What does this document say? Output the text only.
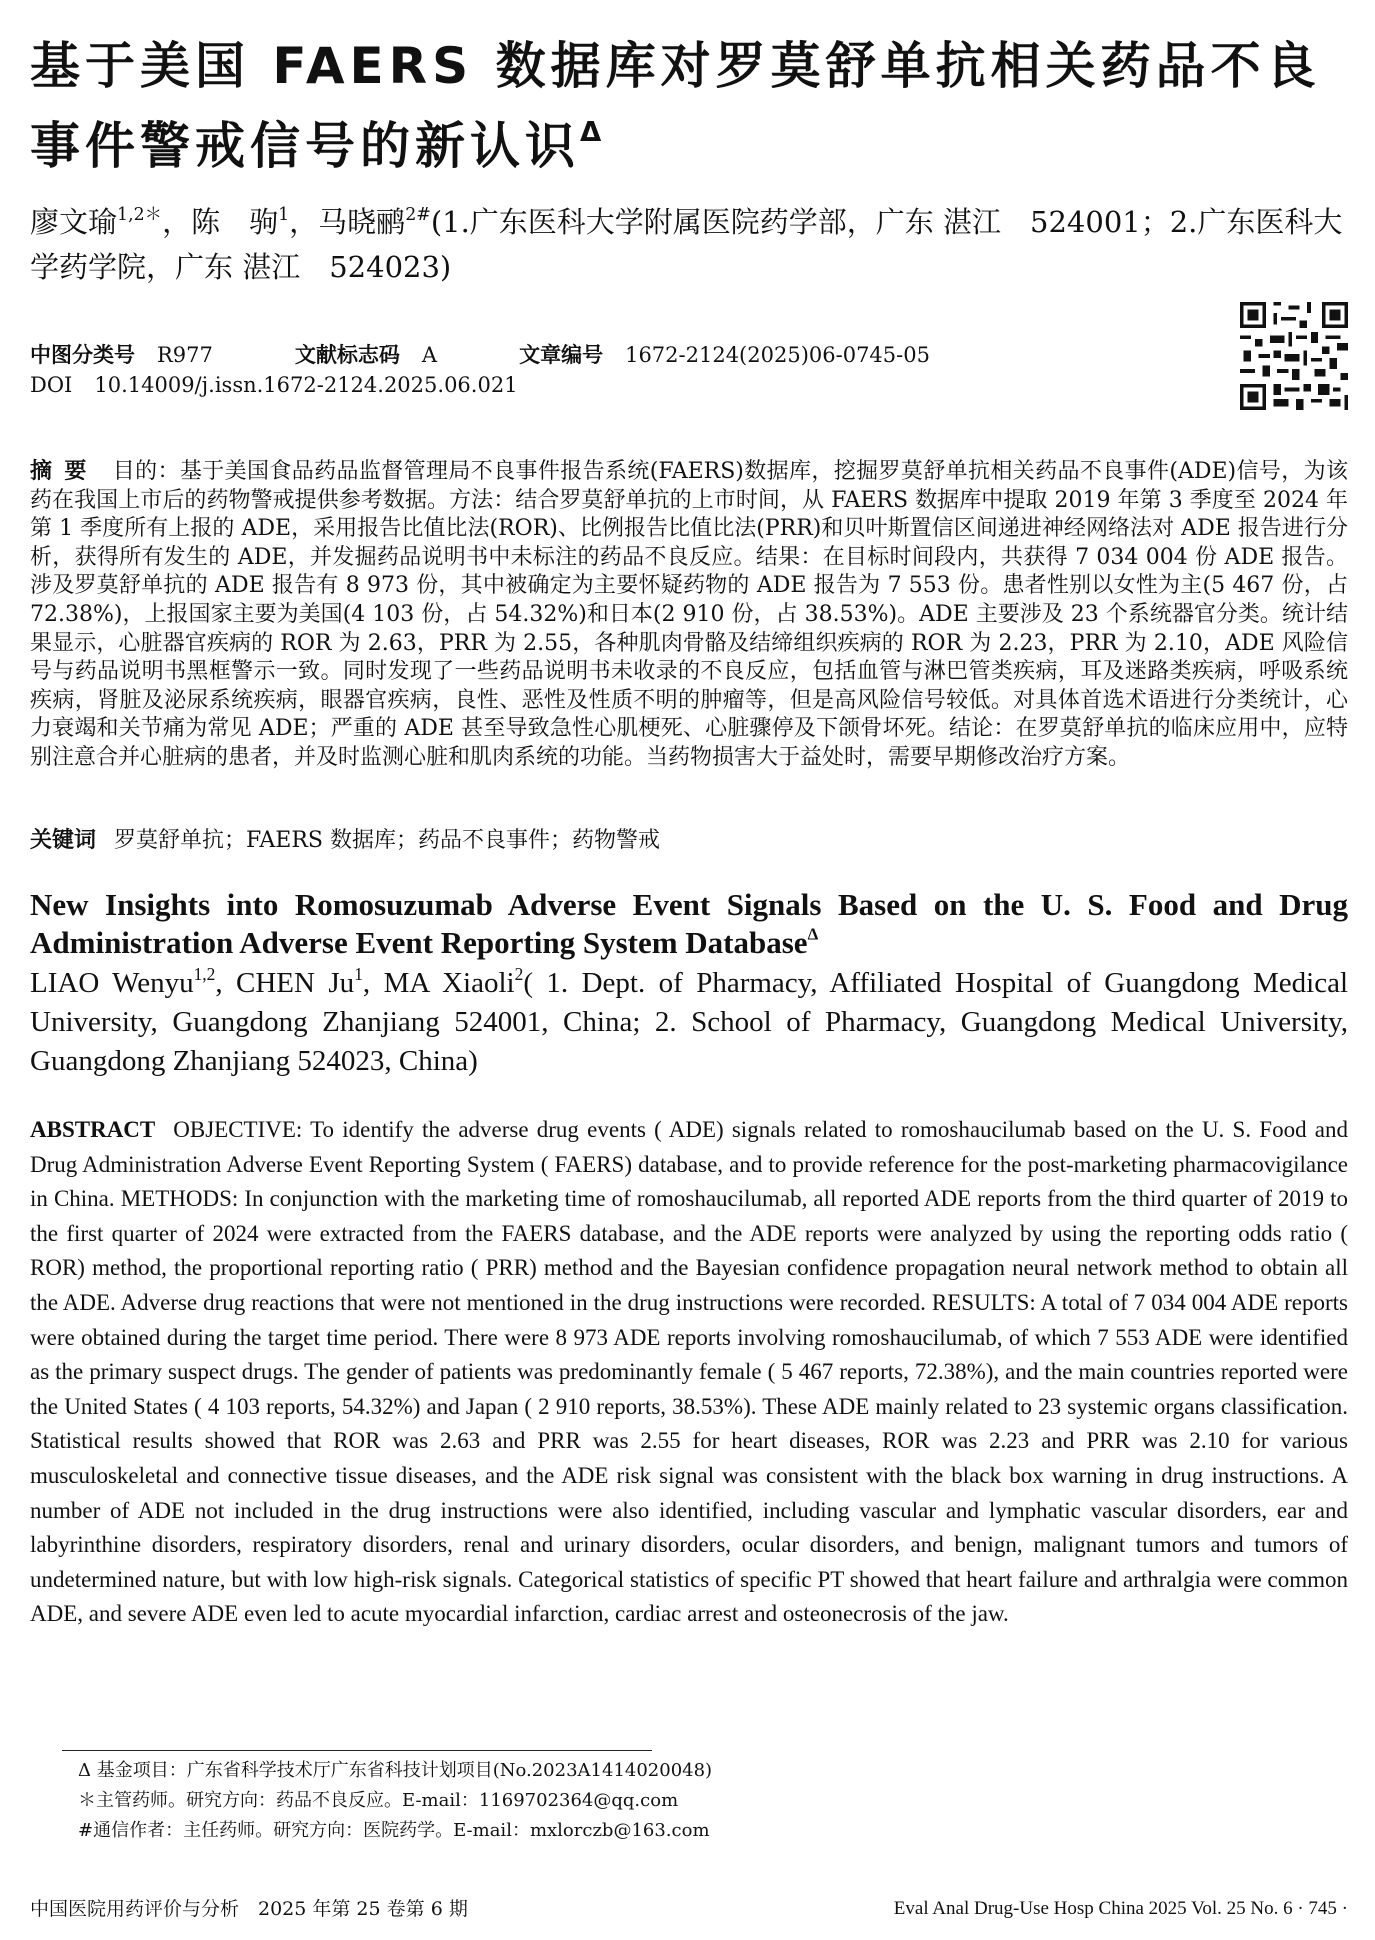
基于美国 FAERS 数据库对罗莫舒单抗相关药品不良事件警戒信号的新认识$^\Delta$

廖文瑜$^{1,2*}$，陈　驹$^1$，马晓鹂$^{2\#}$(1.广东医科大学附属医院药学部，广东 湛江　524001；2.广东医科大学药学院，广东 湛江　524023)

中图分类号 R977	文献标志码 A	文章编号 1672-2124(2025)06-0745-05
DOI 10.14009/j.issn.1672-2124.2025.06.021

摘要 目的：基于美国食品药品监督管理局不良事件报告系统(FAERS)数据库，挖掘罗莫舒单抗相关药品不良事件(ADE)信号，为该药在我国上市后的药物警戒提供参考数据。方法：结合罗莫舒单抗的上市时间，从 FAERS 数据库中提取 2019 年第 3 季度至 2024 年第 1 季度所有上报的 ADE，采用报告比值比法(ROR)、比例报告比值比法(PRR)和贝叶斯置信区间递进神经网络法对 ADE 报告进行分析，获得所有发生的 ADE，并发掘药品说明书中未标注的药品不良反应。结果：在目标时间段内，共获得 7 034 004 份 ADE 报告。涉及罗莫舒单抗的 ADE 报告有 8 973 份，其中被确定为主要怀疑药物的 ADE 报告为 7 553 份。患者性别以女性为主(5 467 份，占 72.38%)，上报国家主要为美国(4 103 份，占 54.32%)和日本(2 910 份，占 38.53%)。ADE 主要涉及 23 个系统器官分类。统计结果显示，心脏器官疾病的 ROR 为 2.63，PRR 为 2.55，各种肌肉骨骼及结缔组织疾病的 ROR 为 2.23，PRR 为 2.10，ADE 风险信号与药品说明书黑框警示一致。同时发现了一些药品说明书未收录的不良反应，包括血管与淋巴管类疾病，耳及迷路类疾病，呼吸系统疾病，肾脏及泌尿系统疾病，眼器官疾病，良性、恶性及性质不明的肿瘤等，但是高风险信号较低。对具体首选术语进行分类统计，心力衰竭和关节痛为常见 ADE；严重的 ADE 甚至导致急性心肌梗死、心脏骤停及下颌骨坏死。结论：在罗莫舒单抗的临床应用中，应特别注意合并心脏病的患者，并及时监测心脏和肌肉系统的功能。当药物损害大于益处时，需要早期修改治疗方案。

关键词 罗莫舒单抗；FAERS 数据库；药品不良事件；药物警戒

New Insights into Romosuzumab Adverse Event Signals Based on the U. S. Food and Drug Administration Adverse Event Reporting System Database$^\Delta$

LIAO Wenyu$^{1,2}$, CHEN Ju$^1$, MA Xiaoli$^2$( 1. Dept. of Pharmacy, Affiliated Hospital of Guangdong Medical University, Guangdong Zhanjiang 524001, China; 2. School of Pharmacy, Guangdong Medical University, Guangdong Zhanjiang 524023, China)

ABSTRACT OBJECTIVE: To identify the adverse drug events ( ADE) signals related to romoshaucilumab based on the U. S. Food and Drug Administration Adverse Event Reporting System ( FAERS) database, and to provide reference for the post-marketing pharmacovigilance in China. METHODS: In conjunction with the marketing time of romoshaucilumab, all reported ADE reports from the third quarter of 2019 to the first quarter of 2024 were extracted from the FAERS database, and the ADE reports were analyzed by using the reporting odds ratio ( ROR) method, the proportional reporting ratio ( PRR) method and the Bayesian confidence propagation neural network method to obtain all the ADE. Adverse drug reactions that were not mentioned in the drug instructions were recorded. RESULTS: A total of 7 034 004 ADE reports were obtained during the target time period. There were 8 973 ADE reports involving romoshaucilumab, of which 7 553 ADE were identified as the primary suspect drugs. The gender of patients was predominantly female ( 5 467 reports, 72.38%), and the main countries reported were the United States ( 4 103 reports, 54.32%) and Japan ( 2 910 reports, 38.53%). These ADE mainly related to 23 systemic organs classification. Statistical results showed that ROR was 2.63 and PRR was 2.55 for heart diseases, ROR was 2.23 and PRR was 2.10 for various musculoskeletal and connective tissue diseases, and the ADE risk signal was consistent with the black box warning in drug instructions. A number of ADE not included in the drug instructions were also identified, including vascular and lymphatic vascular disorders, ear and labyrinthine disorders, respiratory disorders, renal and urinary disorders, ocular disorders, and benign, malignant tumors and tumors of undetermined nature, but with low high-risk signals. Categorical statistics of specific PT showed that heart failure and arthralgia were common ADE, and severe ADE even led to acute myocardial infarction, cardiac arrest and osteonecrosis of the jaw.

Δ 基金项目：广东省科学技术厅广东省科技计划项目(No.2023A1414020048)
＊主管药师。研究方向：药品不良反应。E-mail：1169702364@qq.com
#通信作者：主任药师。研究方向：医院药学。E-mail：mxlorczb@163.com
中国医院用药评价与分析　2025 年第 25 卷第 6 期	Eval Anal Drug-Use Hosp China 2025 Vol. 25 No. 6 · 745 ·
